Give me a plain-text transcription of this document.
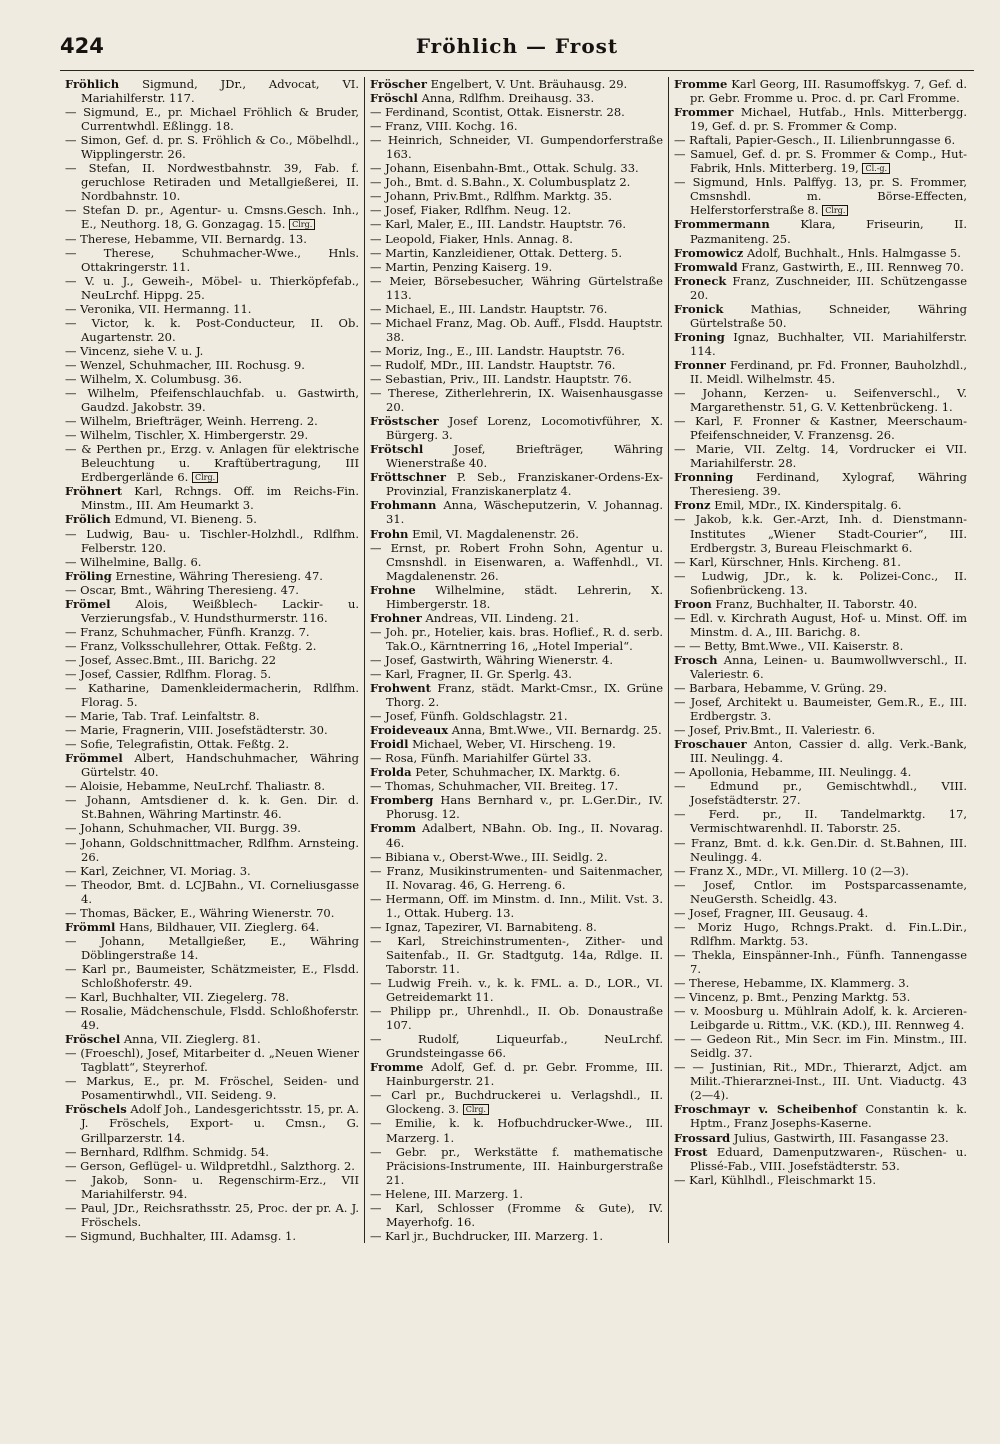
424	Fröhlich — Frost

Fröhlich Sigmund, JDr., Advocat, VI. Mariahilferstr. 117.

— Sigmund, E., pr. Michael Fröhlich & Bruder, Currentwhdl. Eßlingg. 18.

— Simon, Gef. d. pr. S. Fröhlich & Co., Möbelhdl., Wipplingerstr. 26.

— Stefan, II. Nordwestbahnstr. 39, Fab. f. geruchlose Retiraden und Metallgießerei, II. Nordbahnstr. 10.

— Stefan D. pr., Agentur- u. Cmsns.Gesch. Inh., E., Neuthorg. 18, G. Gonzagag. 15. Clrg.

— Therese, Hebamme, VII. Bernardg. 13.

— Therese, Schuhmacher-Wwe., Hnls. Ottakringerstr. 11.

— V. u. J., Geweih-, Möbel- u. Thierköpfefab., NeuLrchf. Hippg. 25.

— Veronika, VII. Hermanng. 11.

— Victor, k. k. Post-Conducteur, II. Ob. Augartenstr. 20.

— Vincenz, siehe V. u. J.

— Wenzel, Schuhmacher, III. Rochusg. 9.

— Wilhelm, X. Columbusg. 36.

— Wilhelm, Pfeifenschlauchfab. u. Gastwirth, Gaudzd. Jakobstr. 39.

— Wilhelm, Briefträger, Weinh. Herreng. 2.

— Wilhelm, Tischler, X. Himbergerstr. 29.

— & Perthen pr., Erzg. v. Anlagen für elektrische Beleuchtung u. Kraftübertragung, III Erdbergerlände 6. Clrg.

Fröhnert Karl, Rchngs. Off. im Reichs-Fin. Minstm., III. Am Heumarkt 3.

Frölich Edmund, VI. Bieneng. 5.

— Ludwig, Bau- u. Tischler-Holzhdl., Rdlfhm. Felberstr. 120.

— Wilhelmine, Ballg. 6.

Fröling Ernestine, Währing Theresieng. 47.

— Oscar, Bmt., Währing Theresieng. 47.

Frömel Alois, Weißblech- Lackir- u. Verzierungsfab., V. Hundsthurmerstr. 116.

— Franz, Schuhmacher, Fünfh. Kranzg. 7.

— Franz, Volksschullehrer, Ottak. Feßtg. 2.

— Josef, Assec.Bmt., III. Barichg. 22

— Josef, Cassier, Rdlfhm. Florag. 5.

— Katharine, Damenkleidermacherin, Rdlfhm. Florag. 5.

— Marie, Tab. Traf. Leinfaltstr. 8.

— Marie, Fragnerin, VIII. Josefstädterstr. 30.

— Sofie, Telegrafistin, Ottak. Feßtg. 2.

Frömmel Albert, Handschuhmacher, Währing Gürtelstr. 40.

— Aloisie, Hebamme, NeuLrchf. Thaliastr. 8.

— Johann, Amtsdiener d. k. k. Gen. Dir. d. St.Bahnen, Währing Martinstr. 46.

— Johann, Schuhmacher, VII. Burgg. 39.

— Johann, Goldschnittmacher, Rdlfhm. Arnsteing. 26.

— Karl, Zeichner, VI. Moriag. 3.

— Theodor, Bmt. d. LCJBahn., VI. Corneliusgasse 4.

— Thomas, Bäcker, E., Währing Wienerstr. 70.

Frömml Hans, Bildhauer, VII. Zieglerg. 64.

— Johann, Metallgießer, E., Währing Döblingerstraße 14.

— Karl pr., Baumeister, Schätzmeister, E., Flsdd. Schloßhoferstr. 49.

— Karl, Buchhalter, VII. Ziegelerg. 78.

— Rosalie, Mädchenschule, Flsdd. Schloßhoferstr. 49.

Fröschel Anna, VII. Zieglerg. 81.

— (Froeschl), Josef, Mitarbeiter d. „Neuen Wiener Tagblatt“, Steyrerhof.

— Markus, E., pr. M. Fröschel, Seiden- und Posamentirwhdl., VII. Seideng. 9.

Fröschels Adolf Joh., Landesgerichtsstr. 15, pr. A. J. Fröschels, Export- u. Cmsn., G. Grillparzerstr. 14.

— Bernhard, Rdlfhm. Schmidg. 54.

— Gerson, Geflügel- u. Wildpretdhl., Salzthorg. 2.

— Jakob, Sonn- u. Regenschirm-Erz., VII Mariahilferstr. 94.

— Paul, JDr., Reichsrathsstr. 25, Proc. der pr. A. J. Fröschels.

— Sigmund, Buchhalter, III. Adamsg. 1.

Fröscher Engelbert, V. Unt. Bräuhausg. 29.

Fröschl Anna, Rdlfhm. Dreihausg. 33.

— Ferdinand, Scontist, Ottak. Eisnerstr. 28.

— Franz, VIII. Kochg. 16.

— Heinrich, Schneider, VI. Gumpendorferstraße 163.

— Johann, Eisenbahn-Bmt., Ottak. Schulg. 33.

— Joh., Bmt. d. S.Bahn., X. Columbusplatz 2.

— Johann, Priv.Bmt., Rdlfhm. Marktg. 35.

— Josef, Fiaker, Rdlfhm. Neug. 12.

— Karl, Maler, E., III. Landstr. Hauptstr. 76.

— Leopold, Fiaker, Hnls. Annag. 8.

— Martin, Kanzleidiener, Ottak. Detterg. 5.

— Martin, Penzing Kaiserg. 19.

— Meier, Börsebesucher, Währing Gürtelstraße 113.

— Michael, E., III. Landstr. Hauptstr. 76.

— Michael Franz, Mag. Ob. Auff., Flsdd. Hauptstr. 38.

— Moriz, Ing., E., III. Landstr. Hauptstr. 76.

— Rudolf, MDr., III. Landstr. Hauptstr. 76.

— Sebastian, Priv., III. Landstr. Hauptstr. 76.

— Therese, Zitherlehrerin, IX. Waisenhausgasse 20.

Fröstscher Josef Lorenz, Locomotivführer, X. Bürgerg. 3.

Frötschl	Josef, Briefträger, Währing Wienerstraße 40.

Fröttschner P. Seb., Franziskaner-Ordens-Ex-Provinzial, Franziskanerplatz 4.

Frohmann Anna, Wäscheputzerin, V. Johannag. 31.

Frohn Emil, VI. Magdalenenstr. 26.

— Ernst, pr. Robert Frohn Sohn, Agentur u. Cmsnshdl. in Eisenwaren, a. Waffenhdl., VI. Magdalenenstr. 26.

Frohne Wilhelmine, städt. Lehrerin, X. Himbergerstr. 18.

Frohner Andreas, VII. Lindeng. 21.

— Joh. pr., Hotelier, kais. bras. Hoflief., R. d. serb. Tak.O., Kärntnerring 16, „Hotel Imperial“.

— Josef, Gastwirth, Währing Wienerstr. 4.

— Karl, Fragner, II. Gr. Sperlg. 43.

Frohwent Franz, städt. Markt-Cmsr., IX. Grüne Thorg. 2.

— Josef, Fünfh. Goldschlagstr. 21.

Froideveaux Anna, Bmt.Wwe., VII. Bernardg. 25.

Froidl Michael, Weber, VI. Hirscheng. 19.

— Rosa, Fünfh. Mariahilfer Gürtel 33.

Frolda Peter, Schuhmacher, IX. Marktg. 6.

— Thomas, Schuhmacher, VII. Breiteg. 17.

Fromberg Hans Bernhard v., pr. L.Ger.Dir., IV. Phorusg. 12.

Fromm Adalbert, NBahn. Ob. Ing., II. Novarag. 46.

— Bibiana v., Oberst-Wwe., III. Seidlg. 2.

— Franz, Musikinstrumenten- und Saitenmacher, II. Novarag. 46, G. Herreng. 6.

— Hermann, Off. im Minstm. d. Inn., Milit. Vst. 3. 1., Ottak. Huberg. 13.

— Ignaz, Tapezirer, VI. Barnabiteng. 8.

— Karl, Streichinstrumenten-, Zither- und Saitenfab., II. Gr. Stadtgutg. 14a, Rdlge. II. Taborstr. 11.

— Ludwig Freih. v., k. k. FML. a. D., LOR., VI. Getreidemarkt 11.

— Philipp pr., Uhrenhdl., II. Ob. Donaustraße 107.

— Rudolf, Liqueurfab., NeuLrchf. Grundsteingasse 66.

Fromme Adolf, Gef. d. pr. Gebr. Fromme, III. Hainburgerstr. 21.

— Carl pr., Buchdruckerei u. Verlagshdl., II. Glockeng. 3. Clrg.

— Emilie, k. k. Hofbuchdrucker-Wwe., III. Marzerg. 1.

— Gebr. pr., Werkstätte f. mathematische Präcisions-Instrumente, III. Hainburgerstraße 21.

— Helene, III. Marzerg. 1.

— Karl, Schlosser (Fromme & Gute), IV. Mayerhofg. 16.

— Karl jr., Buchdrucker, III. Marzerg. 1.

Fromme Karl Georg, III. Rasumoffskyg. 7, Gef. d. pr. Gebr. Fromme u. Proc. d. pr. Carl Fromme.

Frommer Michael, Hutfab., Hnls. Mitterbergg. 19, Gef. d. pr. S. Frommer & Comp.

— Raftali, Papier-Gesch., II. Lilienbrunngasse 6.

— Samuel, Gef. d. pr. S. Frommer & Comp., Hut-Fabrik, Hnls. Mitterberg. 19, Cl.-g.

— Sigmund, Hnls. Palffyg. 13, pr. S. Frommer, Cmsnshdl. m. Börse-Effecten, Helferstorferstraße 8. Clrg.

Frommermann	Klara, Friseurin, II. Pazmaniteng. 25.

Fromowicz Adolf, Buchhalt., Hnls. Halmgasse 5.

Fromwald Franz, Gastwirth, E., III. Rennweg 70.

Froneck Franz, Zuschneider, III. Schützengasse 20.

Fronick Mathias, Schneider, Währing Gürtelstraße 50.

Froning Ignaz, Buchhalter, VII. Mariahilferstr. 114.

Fronner Ferdinand, pr. Fd. Fronner, Bauholzhdl., II. Meidl. Wilhelmstr. 45.

— Johann, Kerzen- u. Seifenverschl., V. Margarethenstr. 51, G. V. Kettenbrückeng. 1.

— Karl, F. Fronner & Kastner, Meerschaum-Pfeifenschneider, V. Franzensg. 26.

— Marie, VII. Zeltg. 14, Vordrucker ei VII. Mariahilferstr. 28.

Fronning Ferdinand, Xylograf, Währing Theresieng. 39.

Fronz Emil, MDr., IX. Kinderspitalg. 6.

— Jakob, k.k. Ger.-Arzt, Inh. d. Dienstmann-Institutes „Wiener Stadt-Courier“, III. Erdbergstr. 3, Bureau Fleischmarkt 6.

— Karl, Kürschner, Hnls. Kircheng. 81.

— Ludwig, JDr., k. k. Polizei-Conc., II. Sofienbrückeng. 13.

Froon Franz, Buchhalter, II. Taborstr. 40.

— Edl. v. Kirchrath August, Hof- u. Minst. Off. im Minstm. d. A., III. Barichg. 8.

— — Betty, Bmt.Wwe., VII. Kaiserstr. 8.

Frosch Anna, Leinen- u. Baumwollwverschl., II. Valeriestr. 6.

— Barbara, Hebamme, V. Grüng. 29.

— Josef, Architekt u. Baumeister, Gem.R., E., III. Erdbergstr. 3.

— Josef, Priv.Bmt., II. Valeriestr. 6.

Froschauer Anton, Cassier d. allg. Verk.-Bank, III. Neulingg. 4.

— Apollonia, Hebamme, III. Neulingg. 4.

— Edmund pr., Gemischtwhdl., VIII. Josefstädterstr. 27.

— Ferd. pr., II. Tandelmarktg. 17, Vermischtwarenhdl. II. Taborstr. 25.

— Franz, Bmt. d. k.k. Gen.Dir. d. St.Bahnen, III. Neulingg. 4.

— Franz X., MDr., VI. Millerg. 10 (2—3).

— Josef, Cntlor. im Postsparcassenamte, NeuGersth. Scheidlg. 43.

— Josef, Fragner, III. Geusaug. 4.

— Moriz Hugo, Rchngs.Prakt. d. Fin.L.Dir., Rdlfhm. Marktg. 53.

— Thekla, Einspänner-Inh., Fünfh. Tannengasse 7.

— Therese, Hebamme, IX. Klammerg. 3.

— Vincenz, p. Bmt., Penzing Marktg. 53.

— v. Moosburg u. Mühlrain Adolf, k. k. Arcieren-Leibgarde u. Rittm., V.K. (KD.), III. Rennweg 4.

— — Gedeon Rit., Min Secr. im Fin. Minstm., III. Seidlg. 37.

— — Justinian, Rit., MDr., Thierarzt, Adjct. am Milit.-Thierarznei-Inst., III. Unt. Viaductg. 43 (2—4).

Froschmayr v. Scheibenhof Constantin k. k. Hptm., Franz Josephs-Kaserne.

Frossard Julius, Gastwirth, III. Fasangasse 23.

Frost Eduard, Damenputzwaren-, Rüschen- u. Plissé-Fab., VIII. Josefstädterstr. 53.

— Karl, Kühlhdl., Fleischmarkt 15.
